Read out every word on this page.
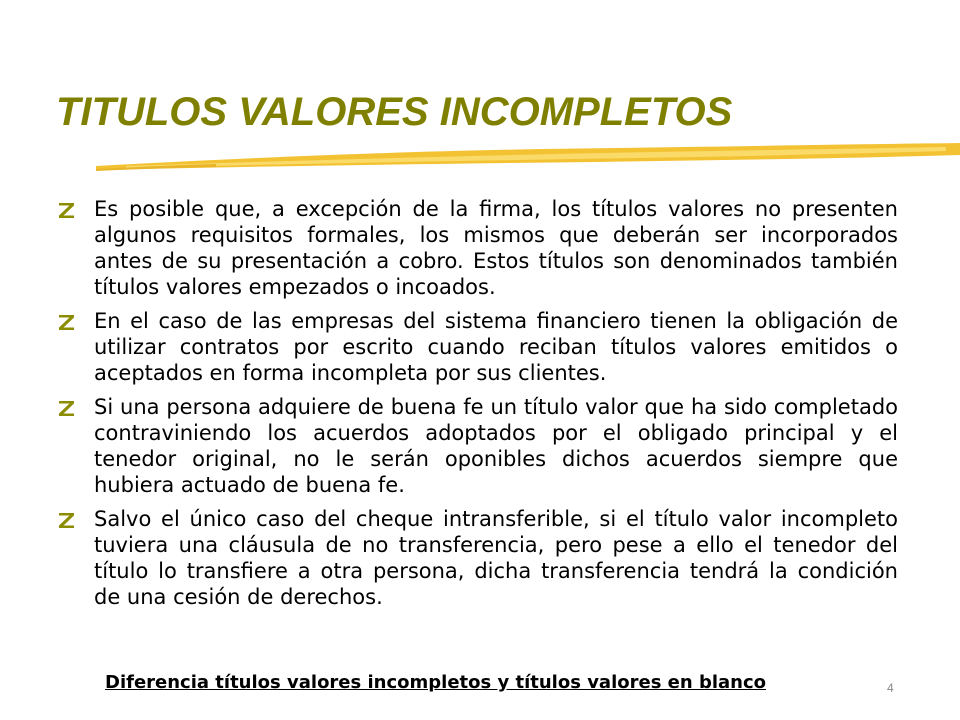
TITULOS VALORES INCOMPLETOS
Es posible que, a excepción de la firma, los títulos valores no presenten algunos requisitos formales, los mismos que deberán ser incorporados antes de su presentación a cobro. Estos títulos son denominados también títulos valores empezados o incoados.
En el caso de las empresas del sistema financiero tienen la obligación de utilizar contratos por escrito cuando reciban títulos valores emitidos o aceptados en forma incompleta por sus clientes.
Si una persona adquiere de buena fe un título valor que ha sido completado contraviniendo los acuerdos adoptados por el obligado principal y el tenedor original, no le serán oponibles dichos acuerdos siempre que hubiera actuado de buena fe.
Salvo el único caso del cheque intransferible, si el título valor incompleto tuviera una cláusula de no transferencia, pero pese a ello el tenedor del título lo transfiere a otra persona, dicha transferencia tendrá la condición de una cesión de derechos.
Diferencia títulos valores incompletos y títulos valores en blanco	4
